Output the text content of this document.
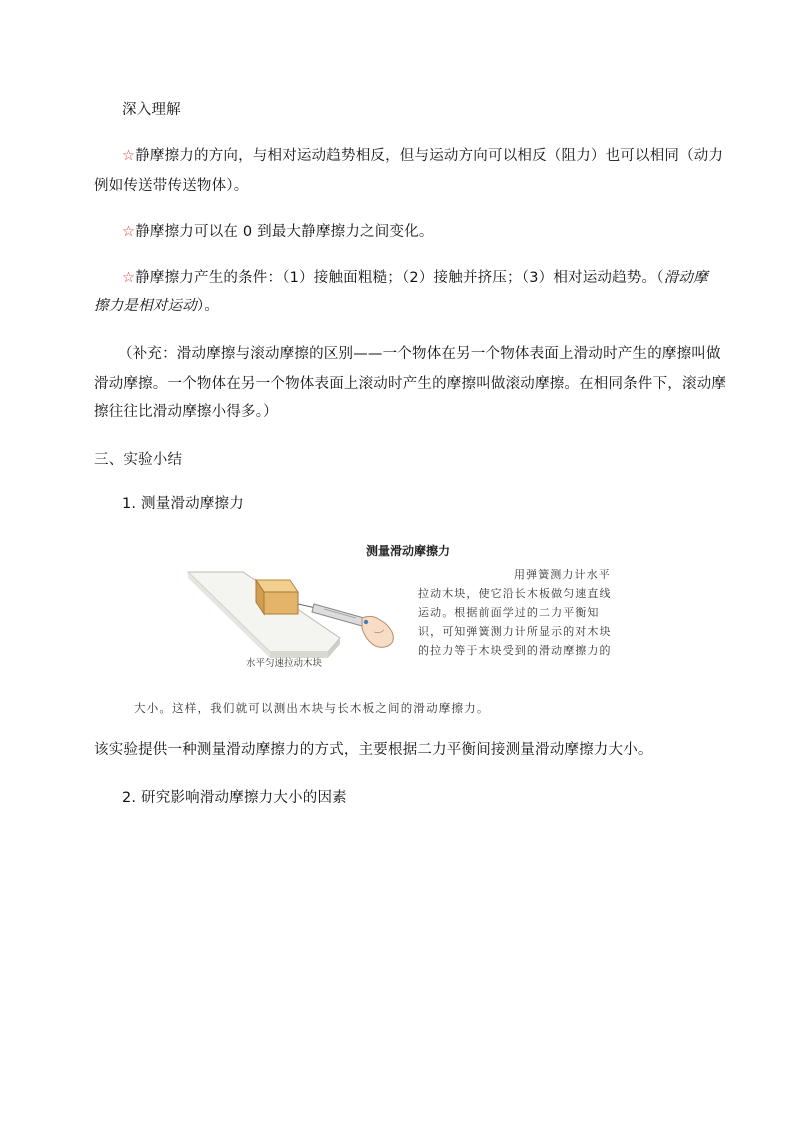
深入理解
☆静摩擦力的方向，与相对运动趋势相反，但与运动方向可以相反（阻力）也可以相同（动力
例如传送带传送物体）。
☆静摩擦力可以在 0 到最大静摩擦力之间变化。
☆静摩擦力产生的条件：（1）接触面粗糙；（2）接触并挤压；（3）相对运动趋势。（滑动摩
擦力是相对运动）。
（补充：滑动摩擦与滚动摩擦的区别——一个物体在另一个物体表面上滑动时产生的摩擦叫做
滑动摩擦。一个物体在另一个物体表面上滚动时产生的摩擦叫做滚动摩擦。在相同条件下，滚动摩
擦往往比滑动摩擦小得多。）
三、实验小结
1. 测量滑动摩擦力
测量滑动摩擦力
用弹簧测力计水平
拉动木块，使它沿长木板做匀速直线
运动。根据前面学过的二力平衡知
识，可知弹簧测力计所显示的对木块
的拉力等于木块受到的滑动摩擦力的
水平匀速拉动木块
大小。这样，我们就可以测出木块与长木板之间的滑动摩擦力。
该实验提供一种测量滑动摩擦力的方式，主要根据二力平衡间接测量滑动摩擦力大小。
2. 研究影响滑动摩擦力大小的因素
